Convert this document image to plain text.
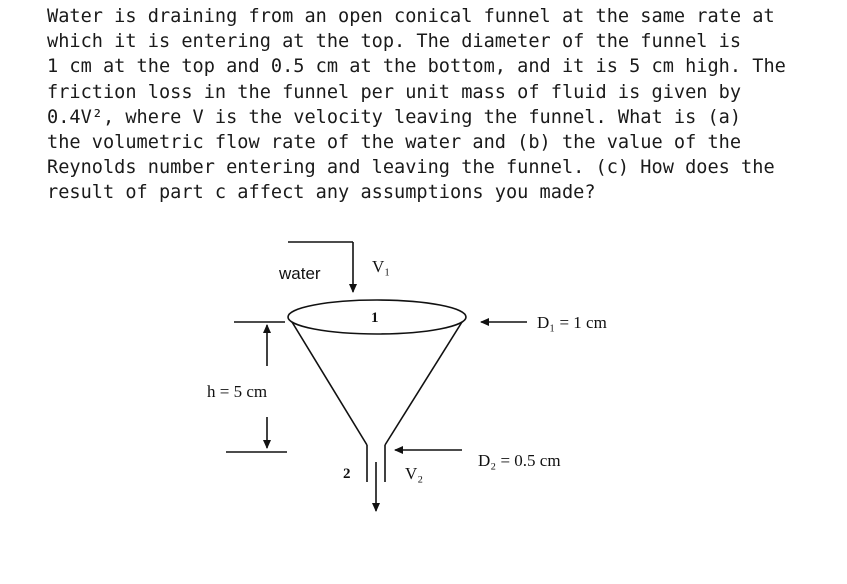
Water is draining from an open conical funnel at the same rate at
which it is entering at the top. The diameter of the funnel is
1 cm at the top and 0.5 cm at the bottom, and it is 5 cm high. The
friction loss in the funnel per unit mass of fluid is given by
0.4V², where V is the velocity leaving the funnel. What is (a)
the volumetric flow rate of the water and (b) the value of the
Reynolds number entering and leaving the funnel. (c) How does the
result of part c affect any assumptions you made?
water	V₁
1
2	V₂
D₁ = 1 cm
D₂ = 0.5 cm
h = 5 cm
